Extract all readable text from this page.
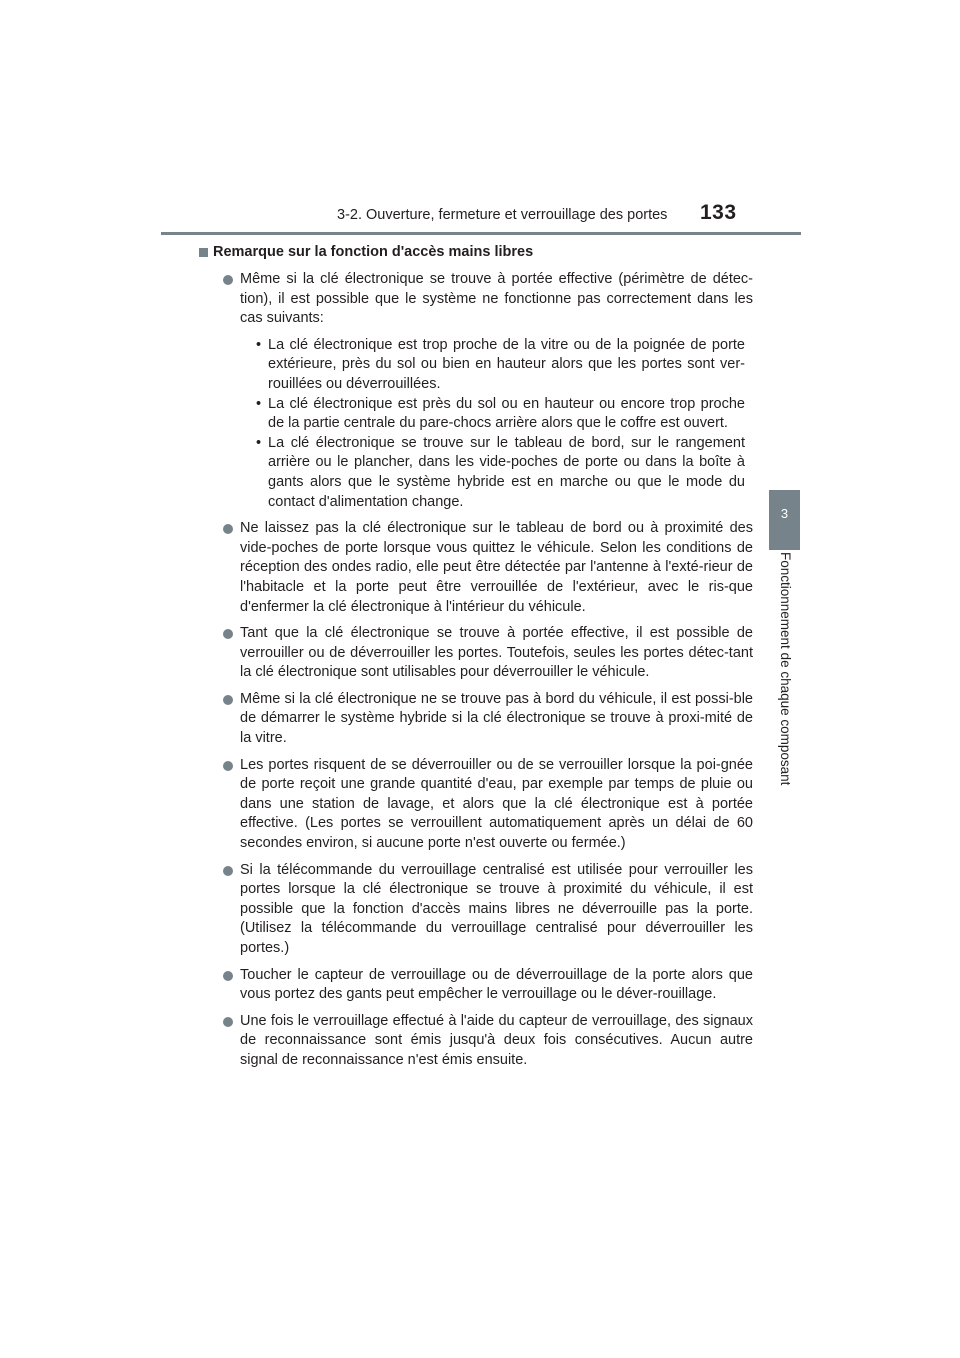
3-2. Ouverture, fermeture et verrouillage des portes 133
3
Fonctionnement de chaque composant
Remarque sur la fonction d'accès mains libres
Même si la clé électronique se trouve à portée effective (périmètre de détec-tion), il est possible que le système ne fonctionne pas correctement dans les cas suivants:
• La clé électronique est trop proche de la vitre ou de la poignée de porte extérieure, près du sol ou bien en hauteur alors que les portes sont ver-rouillées ou déverrouillées.
• La clé électronique est près du sol ou en hauteur ou encore trop proche de la partie centrale du pare-chocs arrière alors que le coffre est ouvert.
• La clé électronique se trouve sur le tableau de bord, sur le rangement arrière ou le plancher, dans les vide-poches de porte ou dans la boîte à gants alors que le système hybride est en marche ou que le mode du contact d'alimentation change.
Ne laissez pas la clé électronique sur le tableau de bord ou à proximité des vide-poches de porte lorsque vous quittez le véhicule. Selon les conditions de réception des ondes radio, elle peut être détectée par l'antenne à l'exté-rieur de l'habitacle et la porte peut être verrouillée de l'extérieur, avec le ris-que d'enfermer la clé électronique à l'intérieur du véhicule.
Tant que la clé électronique se trouve à portée effective, il est possible de verrouiller ou de déverrouiller les portes. Toutefois, seules les portes détec-tant la clé électronique sont utilisables pour déverrouiller le véhicule.
Même si la clé électronique ne se trouve pas à bord du véhicule, il est possi-ble de démarrer le système hybride si la clé électronique se trouve à proxi-mité de la vitre.
Les portes risquent de se déverrouiller ou de se verrouiller lorsque la poi-gnée de porte reçoit une grande quantité d'eau, par exemple par temps de pluie ou dans une station de lavage, et alors que la clé électronique est à portée effective. (Les portes se verrouillent automatiquement après un délai de 60 secondes environ, si aucune porte n'est ouverte ou fermée.)
Si la télécommande du verrouillage centralisé est utilisée pour verrouiller les portes lorsque la clé électronique se trouve à proximité du véhicule, il est possible que la fonction d'accès mains libres ne déverrouille pas la porte. (Utilisez la télécommande du verrouillage centralisé pour déverrouiller les portes.)
Toucher le capteur de verrouillage ou de déverrouillage de la porte alors que vous portez des gants peut empêcher le verrouillage ou le déver-rouillage.
Une fois le verrouillage effectué à l'aide du capteur de verrouillage, des signaux de reconnaissance sont émis jusqu'à deux fois consécutives. Aucun autre signal de reconnaissance n'est émis ensuite.
